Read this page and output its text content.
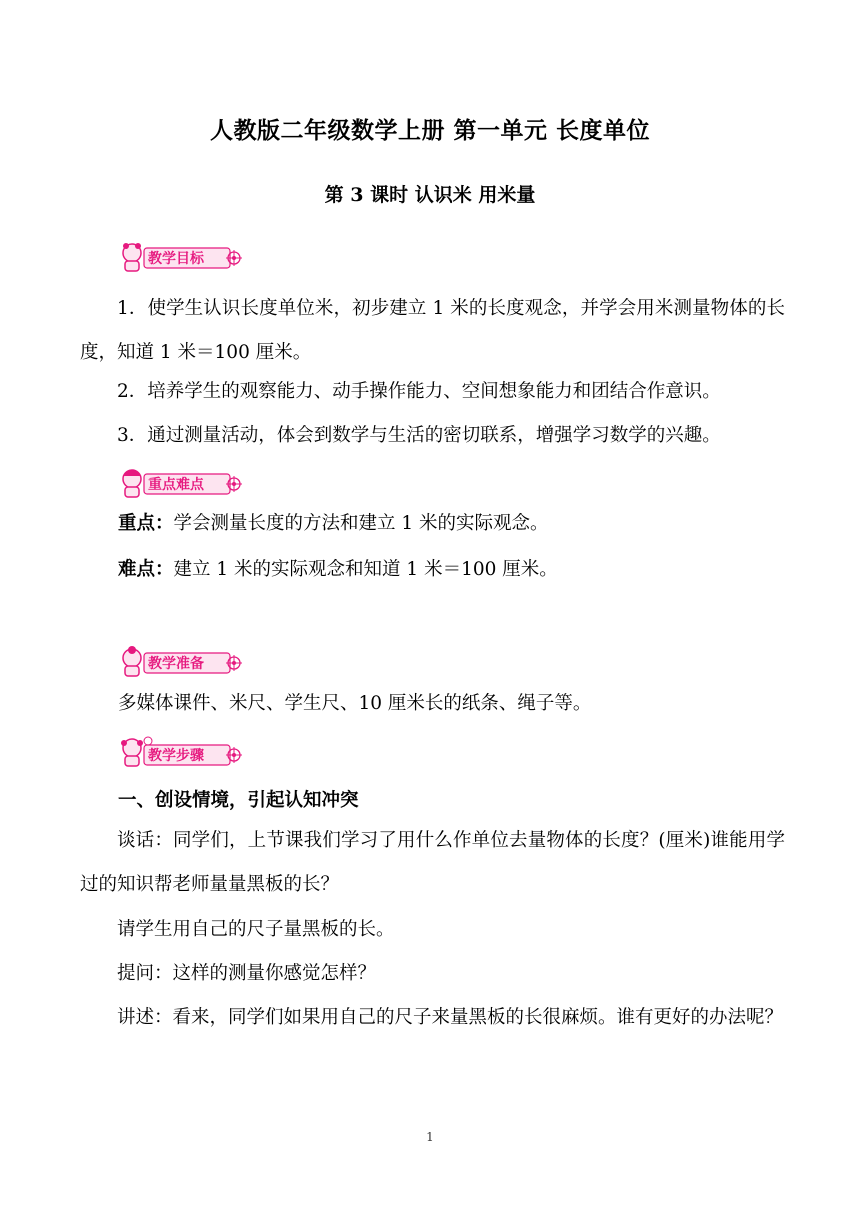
人教版二年级数学上册 第一单元 长度单位
第 3 课时 认识米 用米量
教学目标
1．使学生认识长度单位米，初步建立 1 米的长度观念，并学会用米测量物体的长度，知道 1 米＝100 厘米。
2．培养学生的观察能力、动手操作能力、空间想象能力和团结合作意识。
3．通过测量活动，体会到数学与生活的密切联系，增强学习数学的兴趣。
重点难点
重点：学会测量长度的方法和建立 1 米的实际观念。
难点：建立 1 米的实际观念和知道 1 米＝100 厘米。
教学准备
多媒体课件、米尺、学生尺、10 厘米长的纸条、绳子等。
教学步骤
一、创设情境，引起认知冲突
谈话：同学们，上节课我们学习了用什么作单位去量物体的长度？(厘米)谁能用学过的知识帮老师量量黑板的长？
请学生用自己的尺子量黑板的长。
提问：这样的测量你感觉怎样？
讲述：看来，同学们如果用自己的尺子来量黑板的长很麻烦。谁有更好的办法呢？
1
